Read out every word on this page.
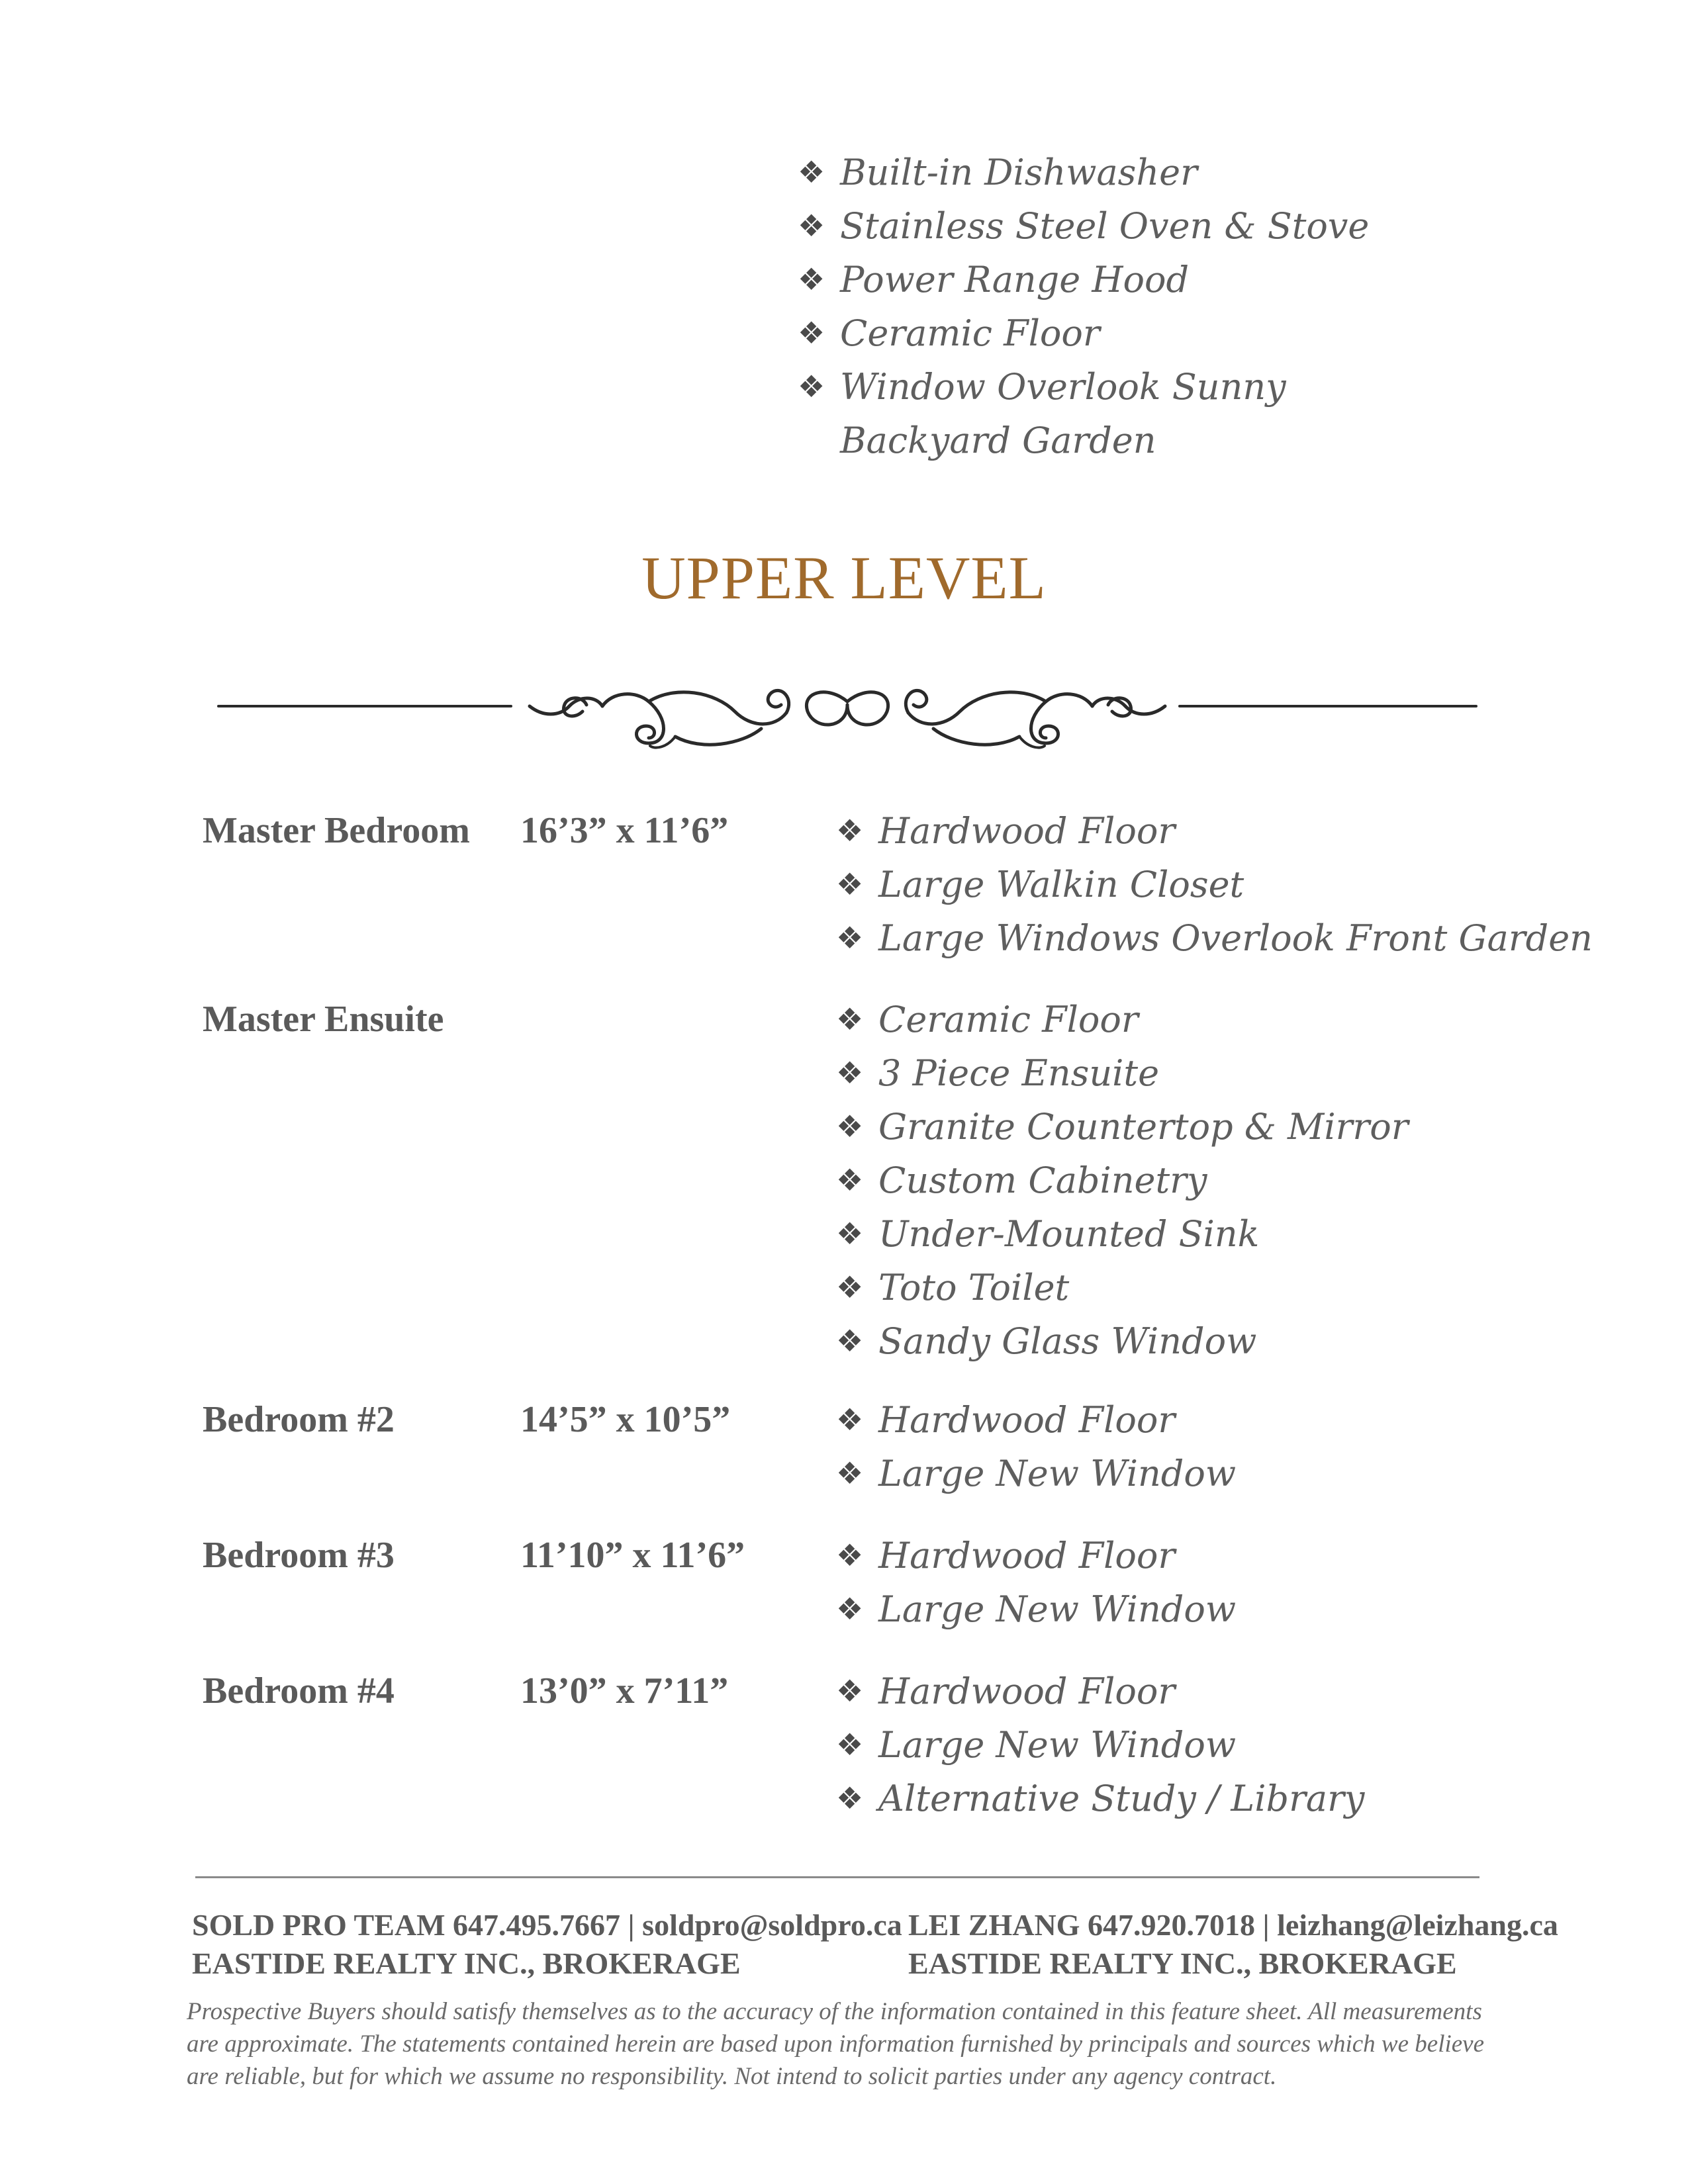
❖ Built-in Dishwasher
❖ Stainless Steel Oven & Stove
❖ Power Range Hood
❖ Ceramic Floor
❖ Window Overlook Sunny Backyard Garden
UPPER LEVEL
Master Bedroom 16’3” x 11’6”	❖ Hardwood Floor
❖ Large Walkin Closet
❖ Large Windows Overlook Front Garden
Master Ensuite	❖ Ceramic Floor
❖ 3 Piece Ensuite
❖ Granite Countertop & Mirror
❖ Custom Cabinetry
❖ Under-Mounted Sink
❖ Toto Toilet
❖ Sandy Glass Window
Bedroom #2	14’5” x 10’5”	❖ Hardwood Floor
❖ Large New Window
Bedroom #3	11’10” x 11’6”	❖ Hardwood Floor
❖ Large New Window
Bedroom #4	13’0” x 7’11”	❖ Hardwood Floor
❖ Large New Window
❖ Alternative Study / Library
SOLD PRO TEAM 647.495.7667 | soldpro@soldpro.ca
EASTIDE REALTY INC., BROKERAGE
LEI ZHANG 647.920.7018 | leizhang@leizhang.ca
EASTIDE REALTY INC., BROKERAGE
Prospective Buyers should satisfy themselves as to the accuracy of the information contained in this feature sheet. All measurements are approximate. The statements contained herein are based upon information furnished by principals and sources which we believe are reliable, but for which we assume no responsibility. Not intend to solicit parties under any agency contract.
